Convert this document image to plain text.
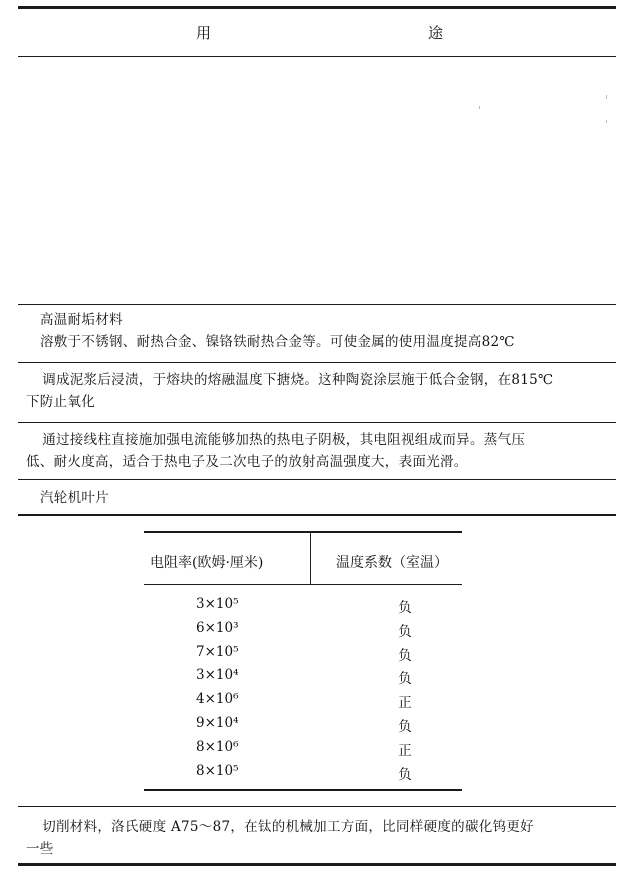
用	途
高温耐垢材料
溶敷于不锈钢、耐热合金、镍铬铁耐热合金等。可使金属的使用温度提高82℃
调成泥浆后浸渍，于熔块的熔融温度下搪烧。这种陶瓷涂层施于低合金钢，在815℃
下防止氧化
通过接线柱直接施加强电流能够加热的热电子阴极，其电阻视组成而异。蒸气压
低、耐火度高，适合于热电子及二次电子的放射高温强度大，表面光滑。
汽轮机叶片
电阻率(欧姆·厘米)	温度系数（室温）
3×10⁵	负
6×10³	负
7×10⁵	负
3×10⁴	负
4×10⁶	正
9×10⁴	负
8×10⁶	正
8×10⁵	负
切削材料，洛氏硬度 A75～87，在钛的机械加工方面，比同样硬度的碳化钨更好
一些
